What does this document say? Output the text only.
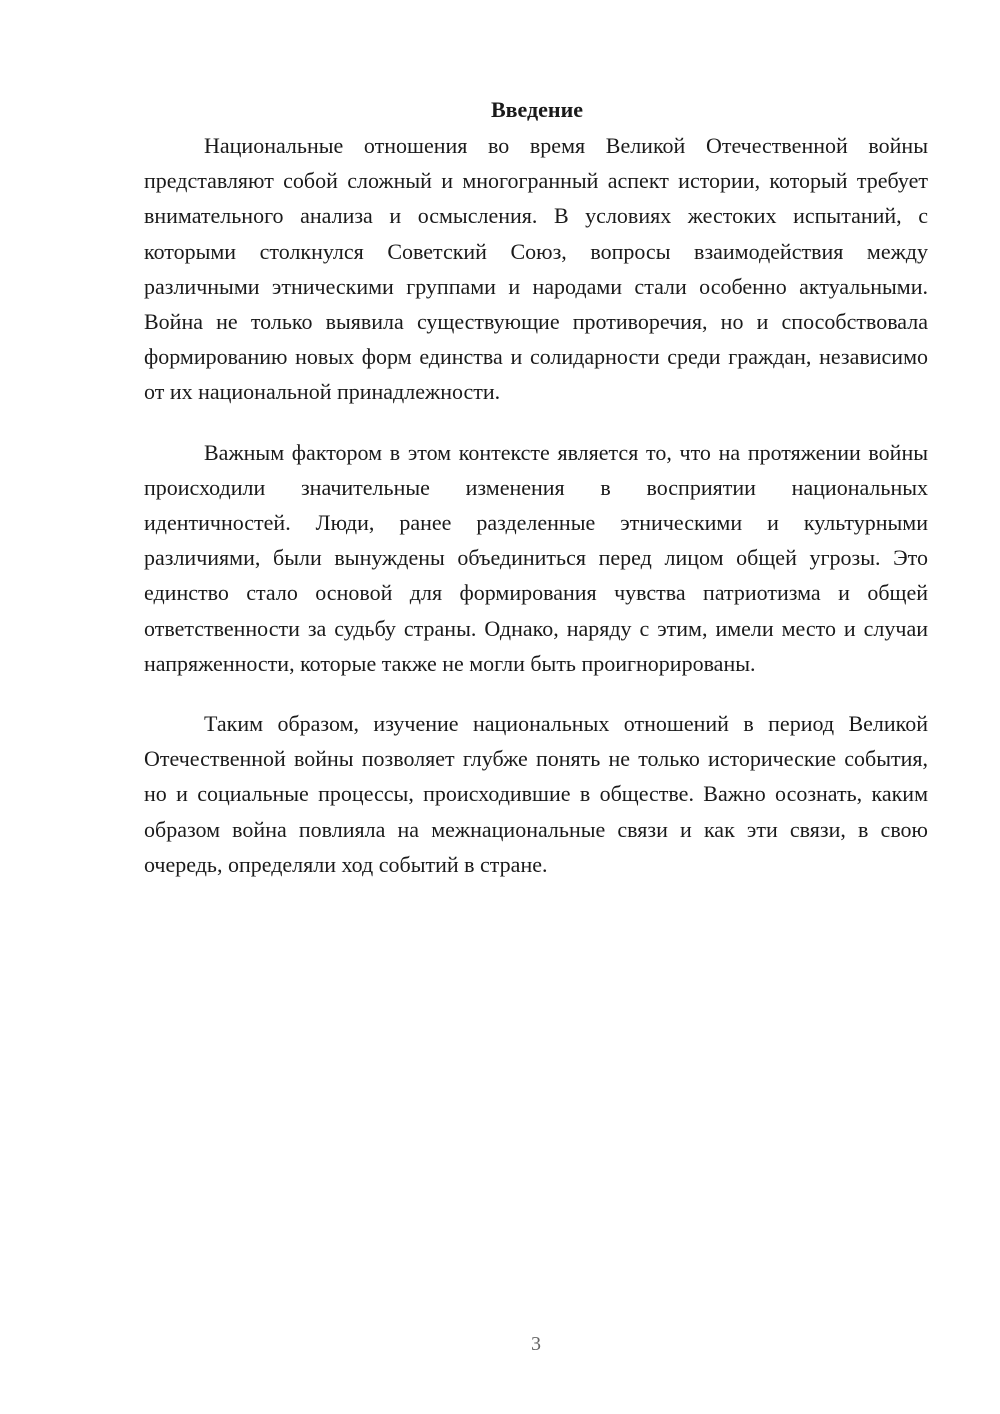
Введение

Национальные отношения во время Великой Отечественной войны представляют собой сложный и многогранный аспект истории, который требует внимательного анализа и осмысления. В условиях жестоких испытаний, с которыми столкнулся Советский Союз, вопросы взаимодействия между различными этническими группами и народами стали особенно актуальными. Война не только выявила существующие противоречия, но и способствовала формированию новых форм единства и солидарности среди граждан, независимо от их национальной принадлежности.

Важным фактором в этом контексте является то, что на протяжении войны происходили значительные изменения в восприятии национальных идентичностей. Люди, ранее разделенные этническими и культурными различиями, были вынуждены объединиться перед лицом общей угрозы. Это единство стало основой для формирования чувства патриотизма и общей ответственности за судьбу страны. Однако, наряду с этим, имели место и случаи напряженности, которые также не могли быть проигнорированы.

Таким образом, изучение национальных отношений в период Великой Отечественной войны позволяет глубже понять не только исторические события, но и социальные процессы, происходившие в обществе. Важно осознать, каким образом война повлияла на межнациональные связи и как эти связи, в свою очередь, определяли ход событий в стране.

3
